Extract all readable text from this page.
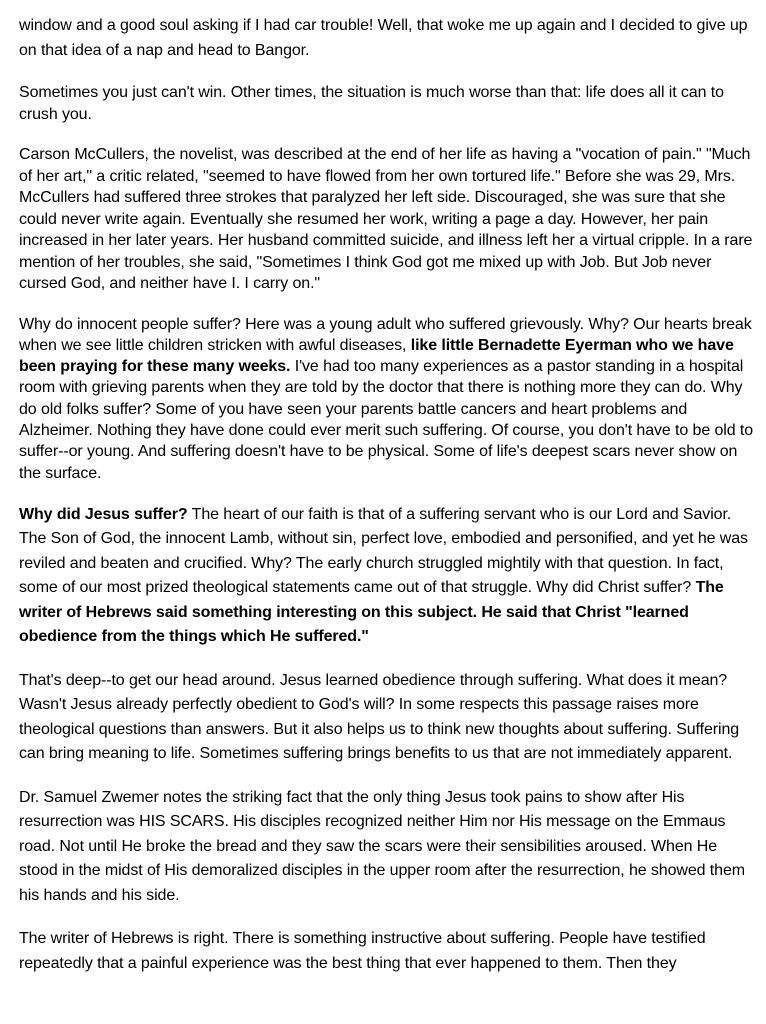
window and a good soul asking if I had car trouble! Well, that woke me up again and I decided to give up on that idea of a nap and head to Bangor.

Sometimes you just can't win. Other times, the situation is much worse than that: life does all it can to crush you.

Carson McCullers, the novelist, was described at the end of her life as having a "vocation of pain." "Much of her art," a critic related, "seemed to have flowed from her own tortured life." Before she was 29, Mrs. McCullers had suffered three strokes that paralyzed her left side. Discouraged, she was sure that she could never write again. Eventually she resumed her work, writing a page a day. However, her pain increased in her later years. Her husband committed suicide, and illness left her a virtual cripple. In a rare mention of her troubles, she said, "Sometimes I think God got me mixed up with Job. But Job never cursed God, and neither have I. I carry on."

Why do innocent people suffer? Here was a young adult who suffered grievously. Why? Our hearts break when we see little children stricken with awful diseases, like little Bernadette Eyerman who we have been praying for these many weeks. I've had too many experiences as a pastor standing in a hospital room with grieving parents when they are told by the doctor that there is nothing more they can do. Why do old folks suffer? Some of you have seen your parents battle cancers and heart problems and Alzheimer. Nothing they have done could ever merit such suffering. Of course, you don't have to be old to suffer--or young. And suffering doesn't have to be physical. Some of life's deepest scars never show on the surface.

Why did Jesus suffer? The heart of our faith is that of a suffering servant who is our Lord and Savior. The Son of God, the innocent Lamb, without sin, perfect love, embodied and personified, and yet he was reviled and beaten and crucified. Why? The early church struggled mightily with that question. In fact, some of our most prized theological statements came out of that struggle. Why did Christ suffer? The writer of Hebrews said something interesting on this subject. He said that Christ "learned obedience from the things which He suffered."

That's deep--to get our head around. Jesus learned obedience through suffering. What does it mean? Wasn't Jesus already perfectly obedient to God's will? In some respects this passage raises more theological questions than answers. But it also helps us to think new thoughts about suffering. Suffering can bring meaning to life. Sometimes suffering brings benefits to us that are not immediately apparent.

Dr. Samuel Zwemer notes the striking fact that the only thing Jesus took pains to show after His resurrection was HIS SCARS. His disciples recognized neither Him nor His message on the Emmaus road. Not until He broke the bread and they saw the scars were their sensibilities aroused. When He stood in the midst of His demoralized disciples in the upper room after the resurrection, he showed them his hands and his side.

The writer of Hebrews is right. There is something instructive about suffering. People have testified repeatedly that a painful experience was the best thing that ever happened to them. Then they
